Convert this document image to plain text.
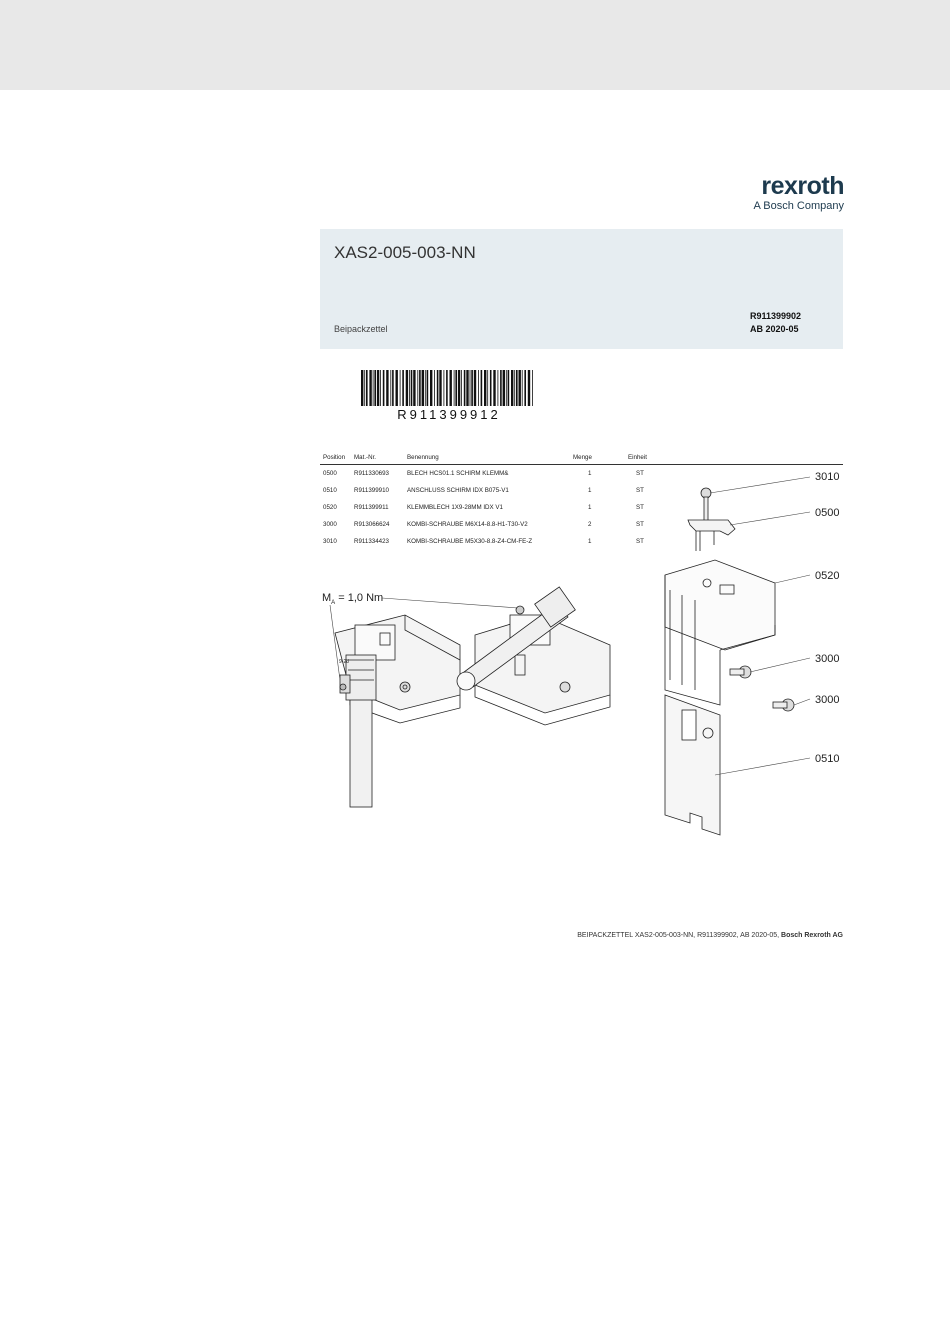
rexroth
A Bosch Company
XAS2-005-003-NN
Beipackzettel
R911399902
AB 2020-05
R911399912
Position	Mat.-Nr.	Benennung	Menge	Einheit	
0500	R911330693	BLECH HCS01.1 SCHIRM KLEMM&	1	ST	
0510	R911399910	ANSCHLUSS SCHIRM IDX B075-V1	1	ST	
0520	R911399911	KLEMMBLECH 1X9-28MM IDX V1	1	ST	
3000	R913066624	KOMBI-SCHRAUBE M6X14-8.8-H1-T30-V2	2	ST	
3010	R911334423	KOMBI-SCHRAUBE M5X30-8.8-Z4-CM-FE-Z	1	ST	
9-28
$M_A = 1,0$ Nm
3010
0500
0520
3000
3000
0510
BEIPACKZETTEL XAS2-005-003-NN, R911399902, AB 2020-05, Bosch Rexroth AG
